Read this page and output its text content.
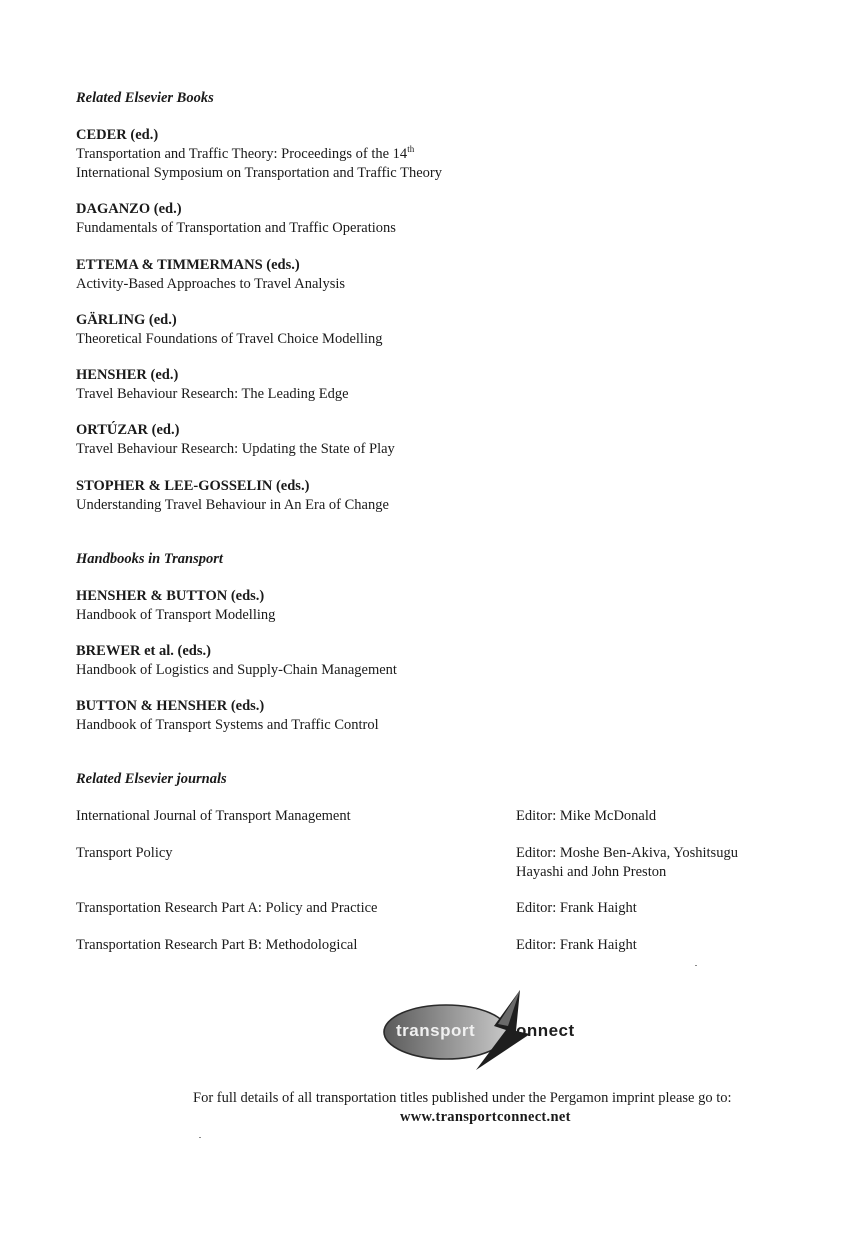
Related Elsevier Books
CEDER (ed.)
Transportation and Traffic Theory: Proceedings of the 14th
International Symposium on Transportation and Traffic Theory
DAGANZO (ed.)
Fundamentals of Transportation and Traffic Operations
ETTEMA & TIMMERMANS (eds.)
Activity-Based Approaches to Travel Analysis
GÄRLING (ed.)
Theoretical Foundations of Travel Choice Modelling
HENSHER (ed.)
Travel Behaviour Research: The Leading Edge
ORTÚZAR (ed.)
Travel Behaviour Research: Updating the State of Play
STOPHER & LEE-GOSSELIN (eds.)
Understanding Travel Behaviour in An Era of Change
Handbooks in Transport
HENSHER & BUTTON (eds.)
Handbook of Transport Modelling
BREWER et al. (eds.)
Handbook of Logistics and Supply-Chain Management
BUTTON & HENSHER (eds.)
Handbook of Transport Systems and Traffic Control
Related Elsevier journals
International Journal of Transport Management	Editor: Mike McDonald
Transport Policy	Editor: Moshe Ben-Akiva, Yoshitsugu
Hayashi and John Preston
Transportation Research Part A: Policy and Practice	Editor: Frank Haight
Transportation Research Part B: Methodological	Editor: Frank Haight
transport connect
For full details of all transportation titles published under the Pergamon imprint please go to:
www.transportconnect.net
